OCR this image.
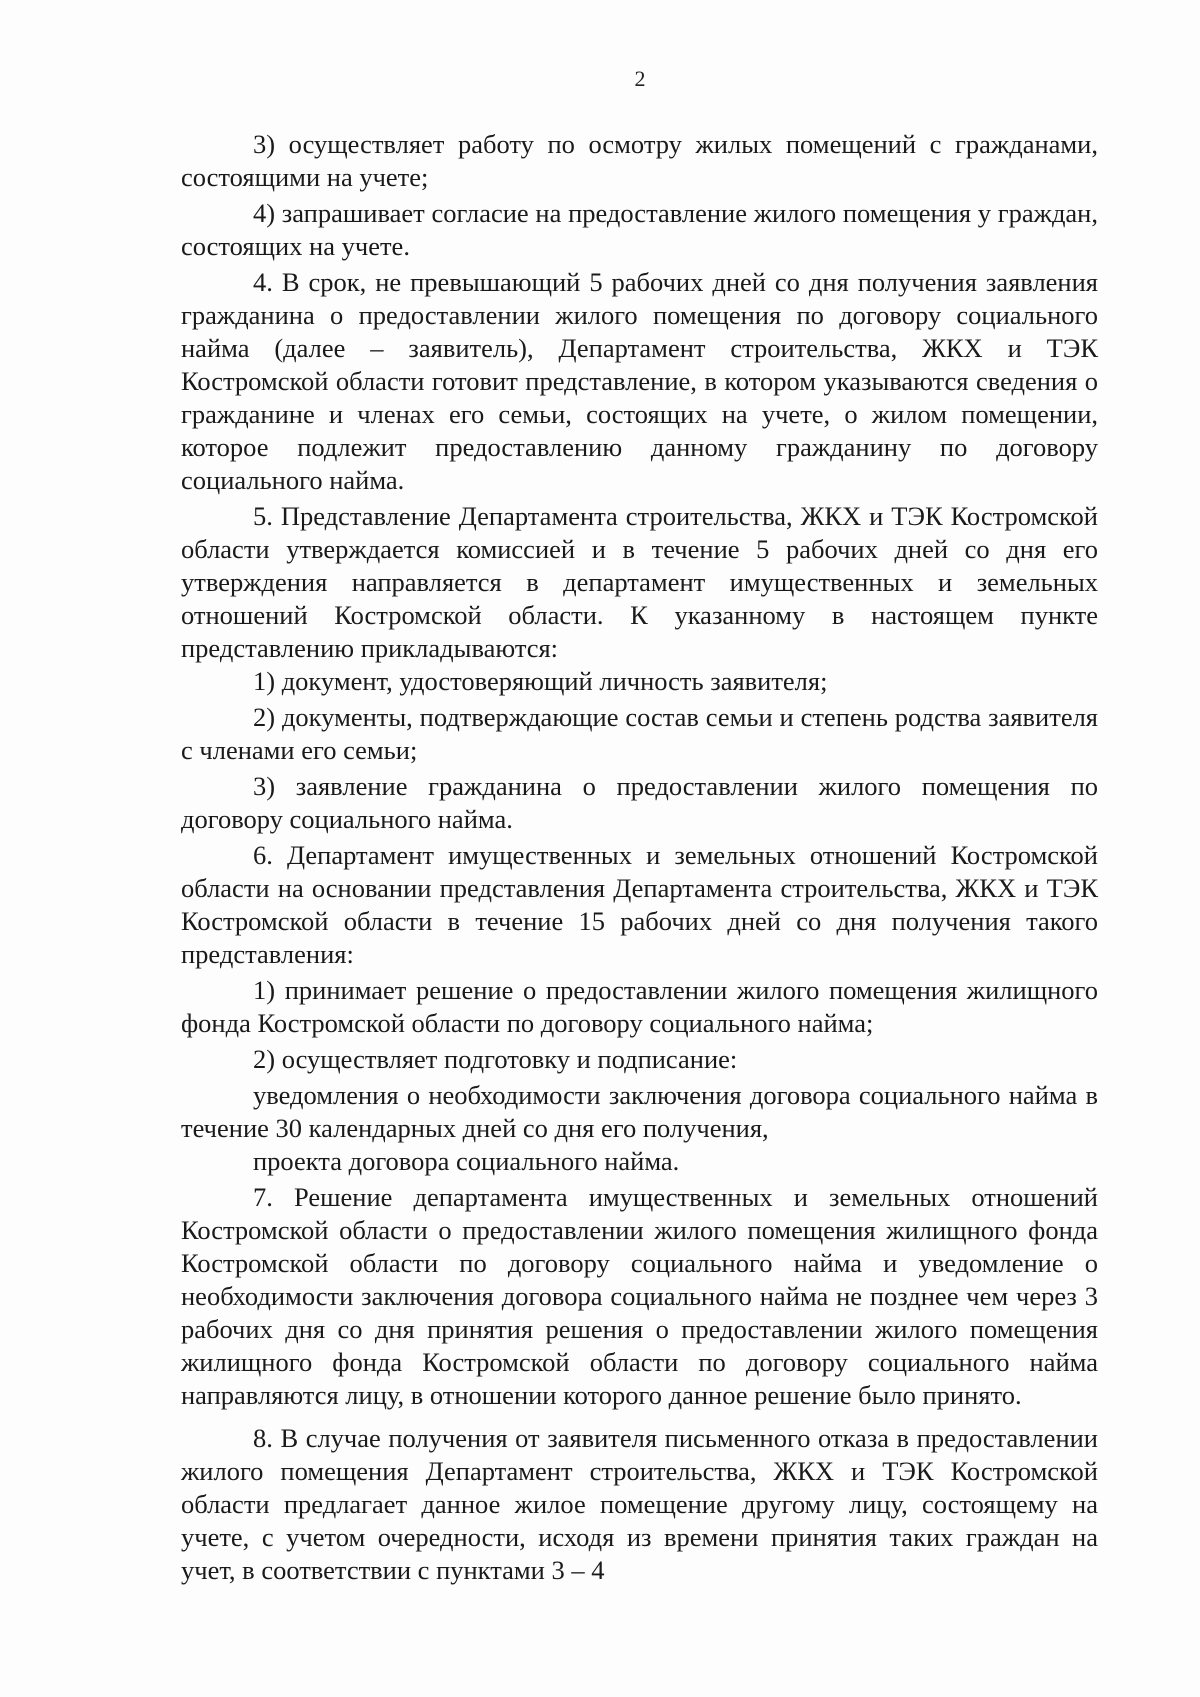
2

3) осуществляет работу по осмотру жилых помещений с гражданами, состоящими на учете;

4) запрашивает согласие на предоставление жилого помещения у граждан, состоящих на учете.

4. В срок, не превышающий 5 рабочих дней со дня получения заявления гражданина о предоставлении жилого помещения по договору социального найма (далее – заявитель), Департамент строительства, ЖКХ и ТЭК Костромской области готовит представление, в котором указываются сведения о гражданине и членах его семьи, состоящих на учете, о жилом помещении, которое подлежит предоставлению данному гражданину по договору социального найма.

5. Представление Департамента строительства, ЖКХ и ТЭК Костромской области утверждается комиссией и в течение 5 рабочих дней со дня его утверждения направляется в департамент имущественных и земельных отношений Костромской области. К указанному в настоящем пункте представлению прикладываются:

1) документ, удостоверяющий личность заявителя;

2) документы, подтверждающие состав семьи и степень родства заявителя с членами его семьи;

3) заявление гражданина о предоставлении жилого помещения по договору социального найма.

6. Департамент имущественных и земельных отношений Костромской области на основании представления Департамента строительства, ЖКХ и ТЭК Костромской области в течение 15 рабочих дней со дня получения такого представления:

1) принимает решение о предоставлении жилого помещения жилищного фонда Костромской области по договору социального найма;

2) осуществляет подготовку и подписание:

уведомления о необходимости заключения договора социального найма в течение 30 календарных дней со дня его получения,

проекта договора социального найма.

7. Решение департамента имущественных и земельных отношений Костромской области о предоставлении жилого помещения жилищного фонда Костромской области по договору социального найма и уведомление о необходимости заключения договора социального найма не позднее чем через 3 рабочих дня со дня принятия решения о предоставлении жилого помещения жилищного фонда Костромской области по договору социального найма направляются лицу, в отношении которого данное решение было принято.

8. В случае получения от заявителя письменного отказа в предоставлении жилого помещения Департамент строительства, ЖКХ и ТЭК Костромской области предлагает данное жилое помещение другому лицу, состоящему на учете, с учетом очередности, исходя из времени принятия таких граждан на учет, в соответствии с пунктами 3 – 4
